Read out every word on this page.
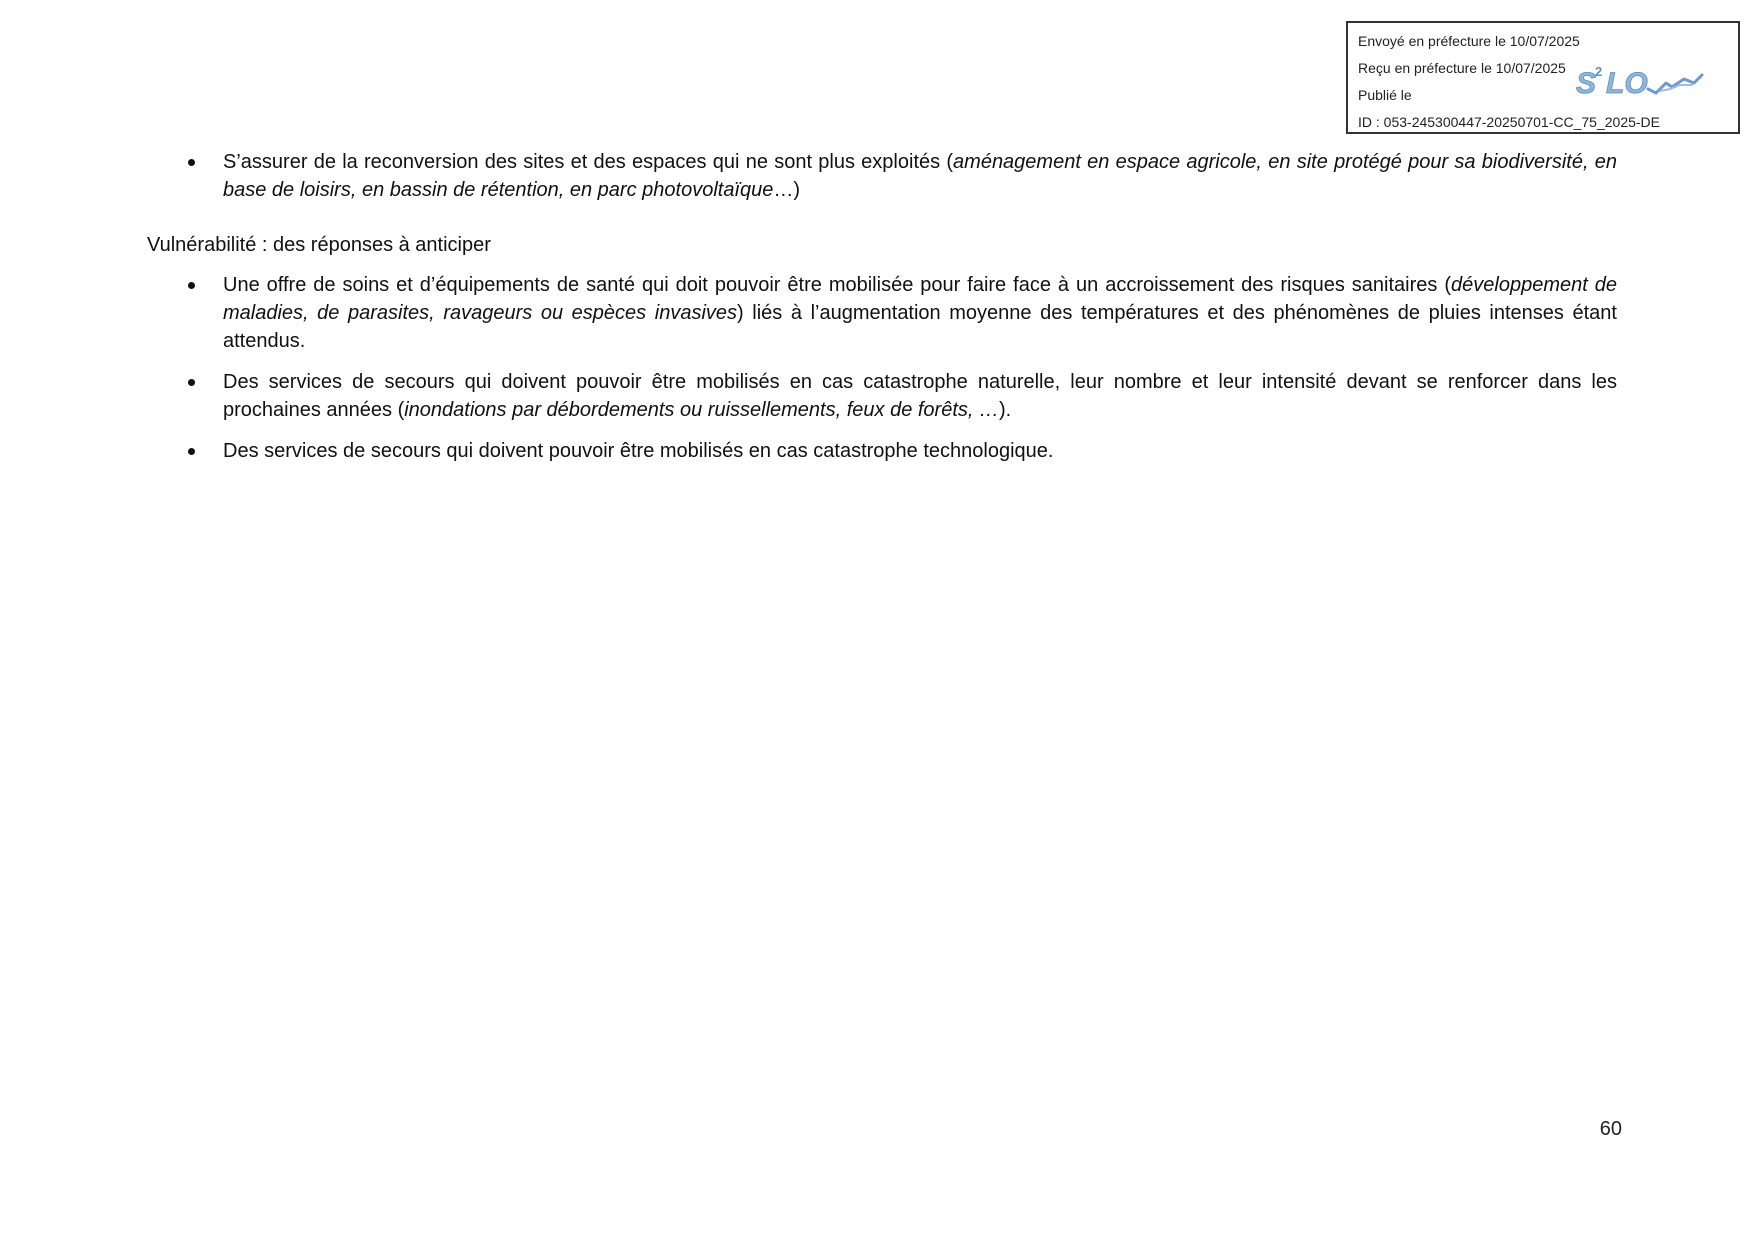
Envoyé en préfecture le 10/07/2025
Reçu en préfecture le 10/07/2025
Publié le
ID : 053-245300447-20250701-CC_75_2025-DE
S
2 LO
S’assurer de la reconversion des sites et des espaces qui ne sont plus exploités (aménagement en espace agricole, en site protégé pour sa biodiversité, en base de loisirs, en bassin de rétention, en parc photovoltaïque…)
Vulnérabilité : des réponses à anticiper
Une offre de soins et d’équipements de santé qui doit pouvoir être mobilisée pour faire face à un accroissement des risques sanitaires (développement de maladies, de parasites, ravageurs ou espèces invasives) liés à l’augmentation moyenne des températures et des phénomènes de pluies intenses étant attendus.
Des services de secours qui doivent pouvoir être mobilisés en cas catastrophe naturelle, leur nombre et leur intensité devant se renforcer dans les prochaines années (inondations par débordements ou ruissellements, feux de forêts, …).
Des services de secours qui doivent pouvoir être mobilisés en cas catastrophe technologique.
60
